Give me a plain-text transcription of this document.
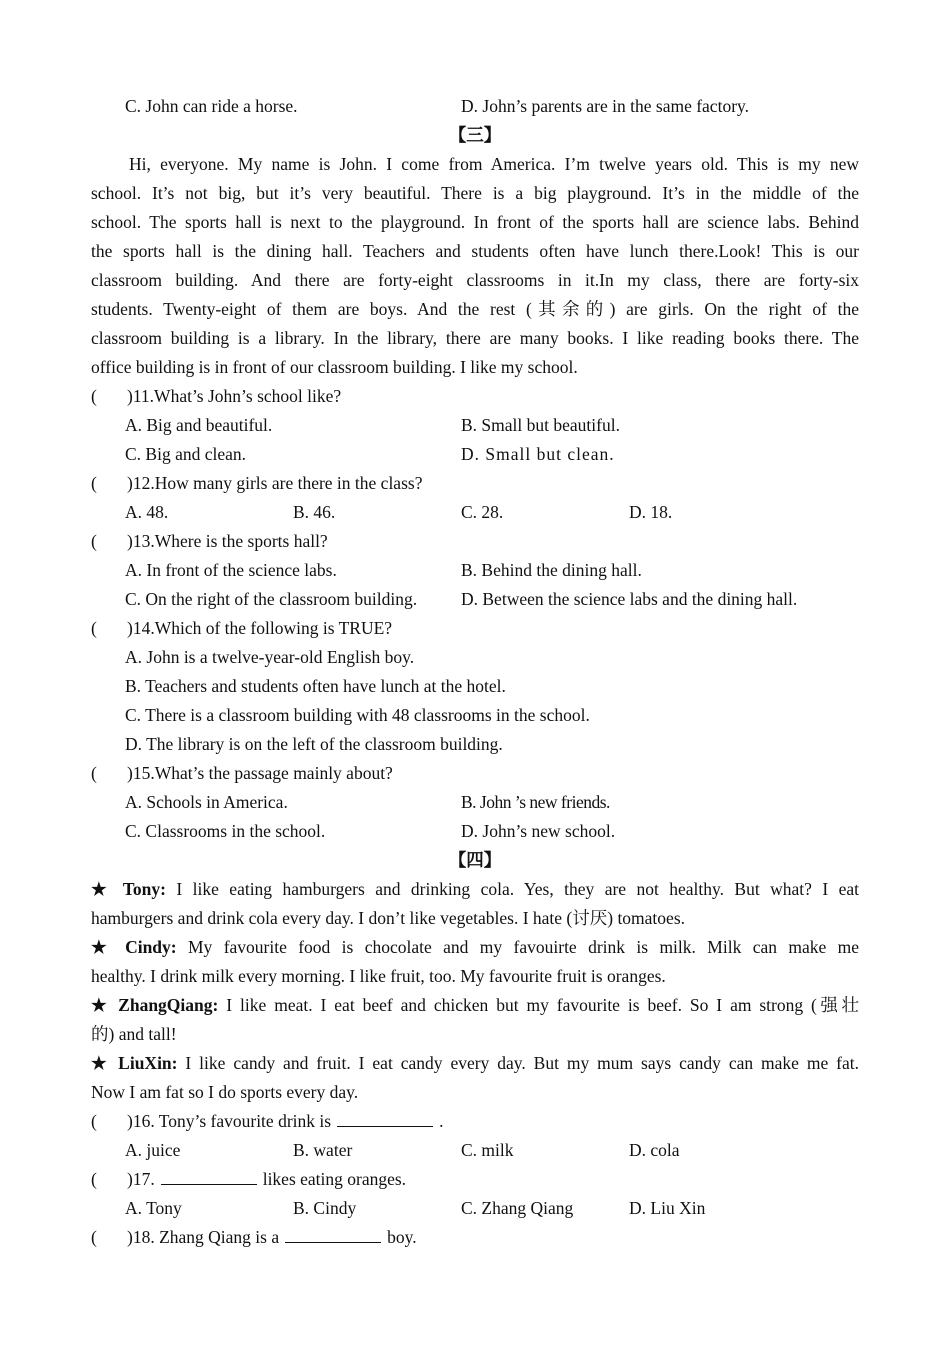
C. John can ride a horse.	D. John’s parents are in the same factory.
【三】
Hi, everyone. My name is John. I come from America. I’m twelve years old. This is my new
school. It’s not big, but it’s very beautiful. There is a big playground. It’s in the middle of the
school. The sports hall is next to the playground. In front of the sports hall are science labs. Behind
the sports hall is the dining hall. Teachers and students often have lunch there.Look! This is our
classroom building. And there are forty-eight classrooms in it.In my class, there are forty-six
students. Twenty-eight of them are boys. And the rest (其余的) are girls. On the right of the
classroom building is a library. In the library, there are many books. I like reading books there. The
office building is in front of our classroom building. I like my school.
( )11.What’s John’s school like?
A. Big and beautiful.	B. Small but beautiful.
C. Big and clean.	D. Small but clean.
( )12.How many girls are there in the class?
A. 48.	B. 46.	C. 28.	D. 18.
( )13.Where is the sports hall?
A. In front of the science labs.	B. Behind the dining hall.
C. On the right of the classroom building.	D. Between the science labs and the dining hall.
( )14.Which of the following is TRUE?
A. John is a twelve-year-old English boy.
B. Teachers and students often have lunch at the hotel.
C. There is a classroom building with 48 classrooms in the school.
D. The library is on the left of the classroom building.
( )15.What’s the passage mainly about?
A. Schools in America.	B. John ’s new friends.
C. Classrooms in the school.	D. John’s new school.
【四】
★ Tony: I like eating hamburgers and drinking cola. Yes, they are not healthy. But what? I eat
hamburgers and drink cola every day. I don’t like vegetables. I hate (讨厌) tomatoes.
★ Cindy: My favourite food is chocolate and my favouirte drink is milk. Milk can make me
healthy. I drink milk every morning. I like fruit, too. My favourite fruit is oranges.
★ ZhangQiang: I like meat. I eat beef and chicken but my favourite is beef. So I am strong (强壮
的) and tall!
★ LiuXin: I like candy and fruit. I eat candy every day. But my mum says candy can make me fat.
Now I am fat so I do sports every day.
( )16. Tony’s favourite drink is	.
A. juice	B. water	C. milk	D. cola
( )17.	likes eating oranges.
A. Tony	B. Cindy	C. Zhang Qiang	D. Liu Xin
( )18. Zhang Qiang is a	boy.
